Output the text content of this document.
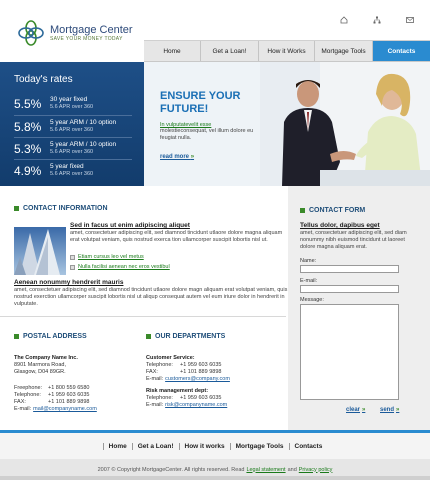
Mortgage Center
SAVE YOUR MONEY TODAY
Home	Get a Loan!	How it Works	Mortgage Tools	Contacts
Today's rates
5.5% 30 year fixed
5.6 APR over 360
5.8% 5 year ARM / 10 option
5.6 APR over 360
5.3% 5 year ARM / 10 option
5.6 APR over 360
4.9% 5 year fixed
5.6 APR over 360
ENSURE YOUR
FUTURE!
In vulputatevelit esse
molestieconsequat, vel illum dolore eu feugiat nulla.
read more »
CONTACT INFORMATION
Sed in facus ut enim adipiscing aliquet
amet, consectetuer adipiscing elit, sed diamnod tincidunt utlaore dolore magna aliquam erat volutpat veniam, quis nostrud exerca tion ullamcorper suscipit lobortis nisl ut.
Etiam cursus leo vel metus
Nulla facilisi aenean nec eros vestibul
Aenean nonummy hendrerit mauris
amet, consectetuer adipiscing elit, sed diamnod tincidunt utlaore dolore magn aliquam erat volutpat veniam, quis nostrud exerction ullamcorper suscipit lobortis nisl ut aliqup consequat autem vel eum iriure dolor in hendrerit in vulputate.
POSTAL ADDRESS
The Company Name Inc.
8901 Marmora Road,
Glasgow, D04 89GR.
Freephone:	+1 800 559 6580
Telephone:	+1 959 603 6035
FAX:	+1 101 889 9898
E-mail: mail@companyname.com
OUR DEPARTMENTS
Customer Service:
Telephone:	+1 959 603 6035
FAX:	+1 101 889 9898
E-mail: customers@company.com
Risk management dept:
Telephone:	+1 959 603 6035
E-mail: risk@companyname.com
CONTACT FORM
Tellus dolor, dapibus eget
amet, consectetuer adipiscing elit, sed diam nonummy nibh euismod tincidunt ut laoreet dolore magna aliquam erat.
Name:
E-mail:
Message:
clear » send »
Home	Get a Loan!	How it works	Mortgage Tools	Contacts
2007 © Copyright MortgageCenter. All rights reserved. Read Legal statement and Privacy policy
